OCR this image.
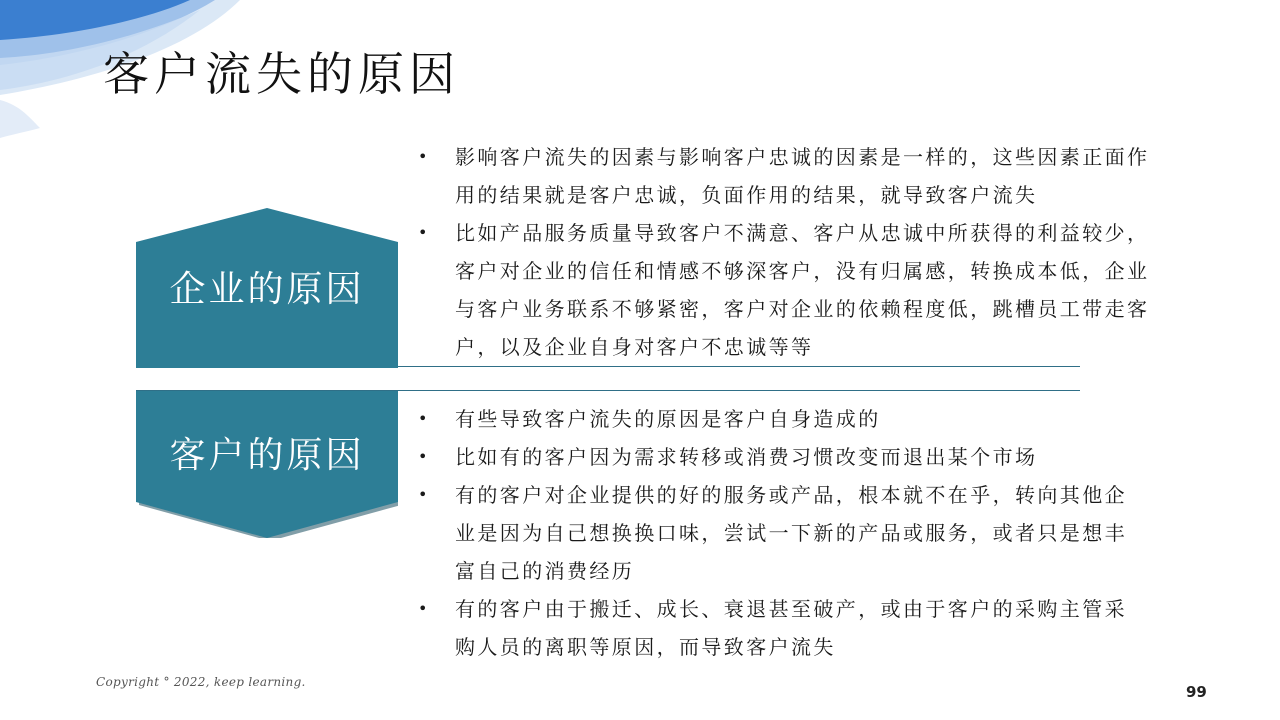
客户流失的原因
企业的原因
客户的原因
• 影响客户流失的因素与影响客户忠诚的因素是一样的，这些因素正面作用的结果就是客户忠诚，负面作用的结果，就导致客户流失
• 比如产品服务质量导致客户不满意、客户从忠诚中所获得的利益较少，客户对企业的信任和情感不够深客户，没有归属感，转换成本低，企业与客户业务联系不够紧密，客户对企业的依赖程度低，跳槽员工带走客户，以及企业自身对客户不忠诚等等
• 有些导致客户流失的原因是客户自身造成的
• 比如有的客户因为需求转移或消费习惯改变而退出某个市场
• 有的客户对企业提供的好的服务或产品，根本就不在乎，转向其他企业是因为自己想换换口味，尝试一下新的产品或服务，或者只是想丰富自己的消费经历
• 有的客户由于搬迁、成长、衰退甚至破产，或由于客户的采购主管采购人员的离职等原因，而导致客户流失
Copyright ° 2022, keep learning.
99
